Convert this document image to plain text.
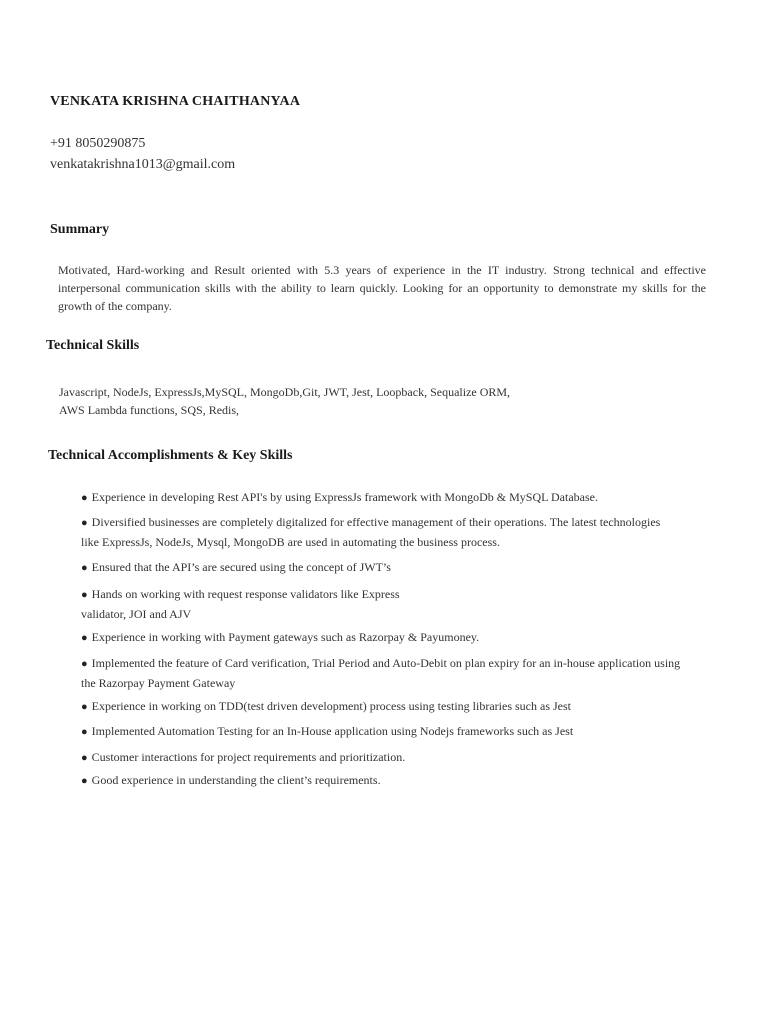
VENKATA KRISHNA CHAITHANYAA
+91 8050290875
venkatakrishna1013@gmail.com
Summary
Motivated, Hard-working and Result oriented with 5.3 years of experience in the IT industry. Strong technical and effective interpersonal communication skills with the ability to learn quickly. Looking for an opportunity to demonstrate my skills for the growth of the company.
Technical Skills
Javascript, NodeJs, ExpressJs,MySQL, MongoDb,Git, JWT, Jest, Loopback, Sequalize ORM, AWS Lambda functions, SQS, Redis,
Technical Accomplishments & Key Skills
● Experience in developing Rest API's by using ExpressJs framework with MongoDb & MySQL Database.
● Diversified businesses are completely digitalized for effective management of their operations. The latest technologies like ExpressJs, NodeJs, Mysql, MongoDB are used in automating the business process.
● Ensured that the API’s are secured using the concept of JWT’s
● Hands on working with request response validators like Express validator, JOI and AJV
● Experience in working with Payment gateways such as Razorpay & Payumoney.
● Implemented the feature of Card verification, Trial Period and Auto-Debit on plan expiry for an in-house application using the Razorpay Payment Gateway
● Experience in working on TDD(test driven development) process using testing libraries such as Jest
● Implemented Automation Testing for an In-House application using Nodejs frameworks such as Jest
● Customer interactions for project requirements and prioritization.
● Good experience in understanding the client’s requirements.
